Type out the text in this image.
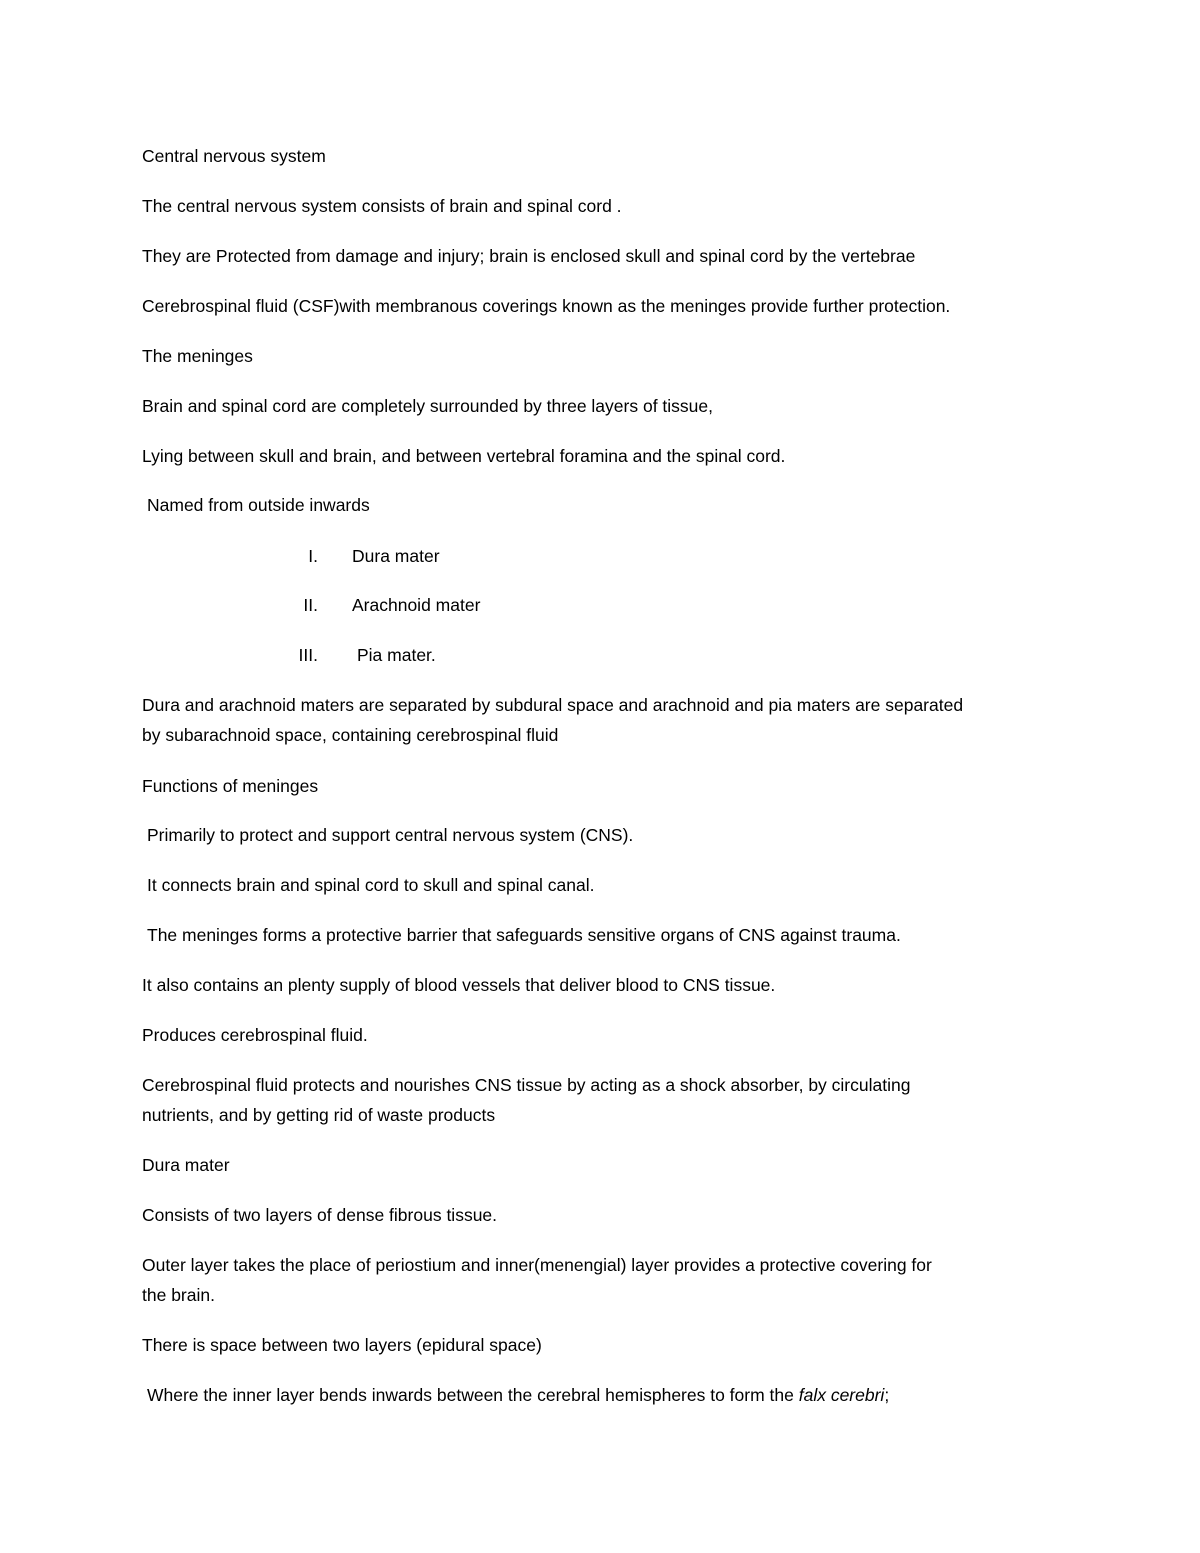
Central nervous system
The central nervous system consists of brain and spinal cord .
They are Protected from damage and injury; brain is enclosed skull and spinal cord by the vertebrae
Cerebrospinal fluid (CSF)with membranous coverings known as the meninges provide further protection.
The meninges
Brain and spinal cord are completely surrounded by three layers of tissue,
Lying between skull and brain, and between vertebral foramina and the spinal cord.
Named from outside inwards
I. Dura mater
II. Arachnoid mater
III. Pia mater.
Dura and arachnoid maters are separated by subdural space and arachnoid and pia maters are separated
by subarachnoid space, containing cerebrospinal fluid
Functions of meninges
Primarily to protect and support central nervous system (CNS).
It connects brain and spinal cord to skull and spinal canal.
The meninges forms a protective barrier that safeguards sensitive organs of CNS against trauma.
It also contains an plenty supply of blood vessels that deliver blood to CNS tissue.
Produces cerebrospinal fluid.
Cerebrospinal fluid protects and nourishes CNS tissue by acting as a shock absorber, by circulating
nutrients, and by getting rid of waste products
Dura mater
Consists of two layers of dense fibrous tissue.
Outer layer takes the place of periostium and inner(menengial) layer provides a protective covering for
the brain.
There is space between two layers (epidural space)
Where the inner layer bends inwards between the cerebral hemispheres to form the falx cerebri;
